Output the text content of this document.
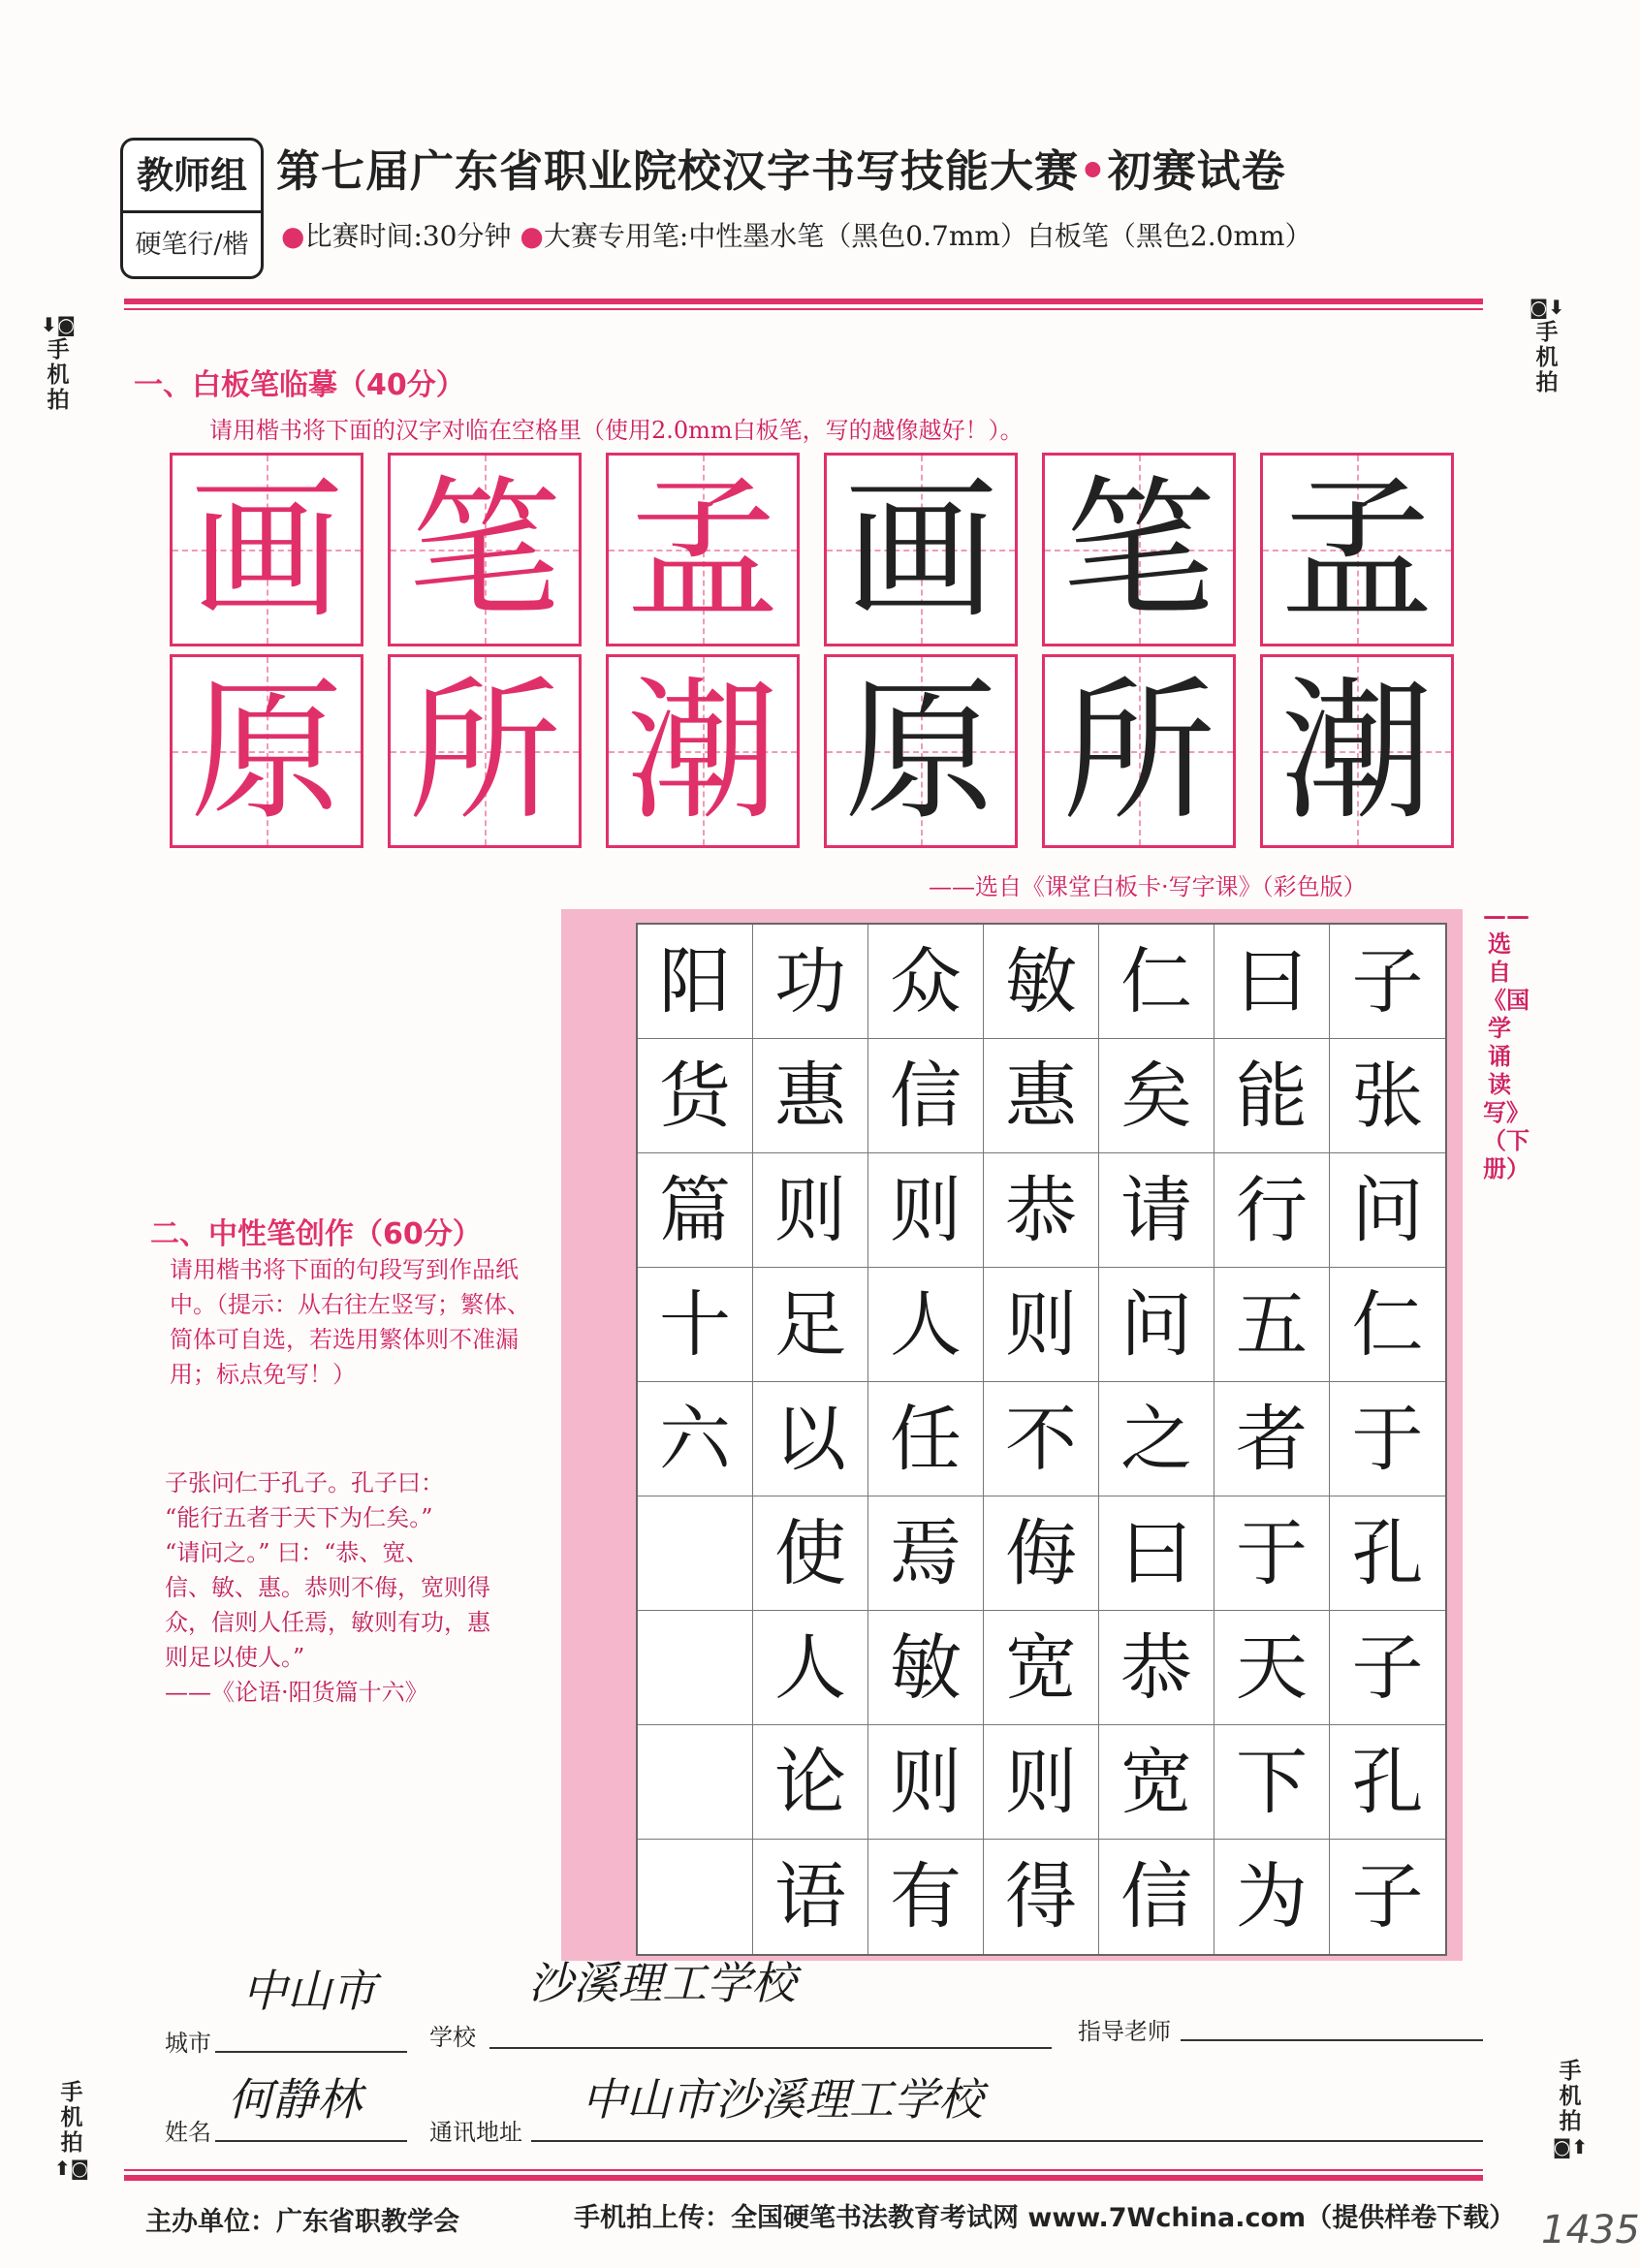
教师组
硬笔行/楷
第七届广东省职业院校汉字书写技能大赛•初赛试卷
●比赛时间:30分钟 ●大赛专用笔:中性墨水笔（黑色0.7mm）白板笔（黑色2.0mm）
⬇◙
手机拍
◙⬇
手机拍
手机拍
⬆◙
手机拍
◙⬆
一、白板笔临摹（40分）
请用楷书将下面的汉字对临在空格里（使用2.0mm白板笔，写的越像越好！）。
画 笔 孟 画 笔 孟
原 所 潮 原 所 潮
——选自《课堂白板卡·写字课》（彩色版）
阳
货
篇
十
六
功
惠
则
足
以
使
人
论
语
众
信
则
人
任
焉
敏
则
有
敏
惠
恭
则
不
侮
宽
则
得
仁
矣
请
问
之
曰
恭
宽
信
曰
能
行
五
者
于
天
下
为
子
张
问
仁
于
孔
子
孔
子
——选自《国学诵读写》（下册）
二、中性笔创作（60分）
请用楷书将下面的句段写到作品纸中。（提示：从右往左竖写；繁体、简体可自选，若选用繁体则不准漏用；标点免写！）
子张问仁于孔子。孔子曰：
“能行五者于天下为仁矣。”
“请问之。” 曰：“恭、宽、
信、敏、惠。恭则不侮，宽则得
众，信则人任焉，敏则有功，惠
则足以使人。”
——《论语·阳货篇十六》
城市
中山市
学校
沙溪理工学校
指导老师
姓名
何静林
通讯地址
中山市沙溪理工学校
主办单位：广东省职教学会	手机拍上传：全国硬笔书法教育考试网 www.7Wchina.com（提供样卷下载） 1435
